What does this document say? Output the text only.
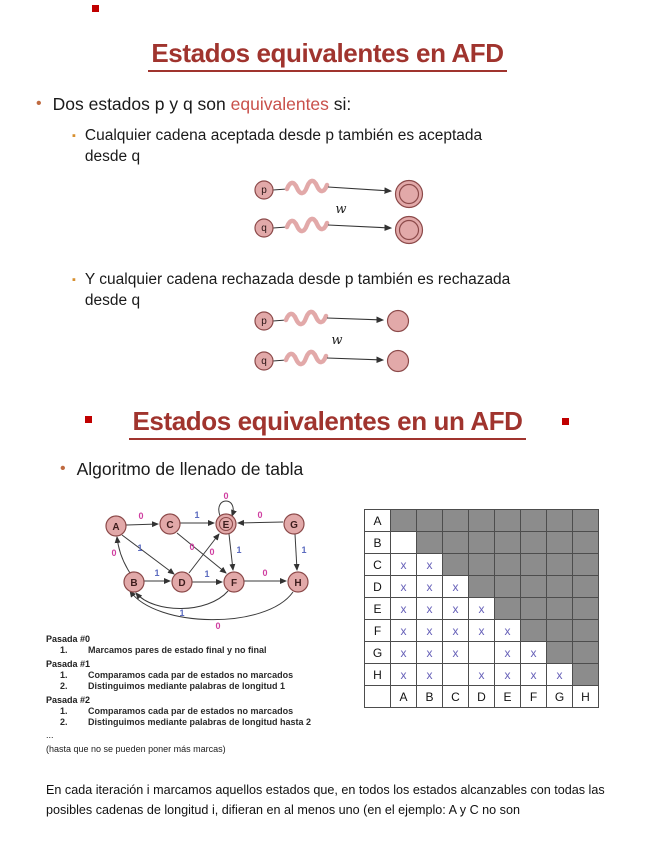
Estados equivalentes en AFD
• Dos estados p y q son equivalentes si:
▪ Cualquier cadena aceptada desde p también es aceptada desde q
p
q
w
▪ Y cualquier cadena rechazada desde p también es rechazada desde q
p
q
w
Estados equivalentes en un AFD
• Algoritmo de llenado de tabla
0
1
0
1
1
0 0
1
0
1
0
1
0
1
0
A	C	E	G
B	D	F	H
A								
B								
C	x	x						
D	x	x	x					
E	x	x	x	x				
F	x	x	x	x	x			
G	x	x	x		x	x		
H	x	x		x	x	x	x	
	A	B	C	D	E	F	G	H
Pasada #0
1.	Marcamos pares de estado final y no final
Pasada #1
1.	Comparamos cada par de estados no marcados
2.	Distinguimos mediante palabras de longitud 1
Pasada #2
1.	Comparamos cada par de estados no marcados
2.	Distinguimos mediante palabras de longitud hasta 2
...
(hasta que no se pueden poner más marcas)

En cada iteración i marcamos aquellos estados que, en todos los estados alcanzables con todas las posibles cadenas de longitud i, difieran en al menos uno (en el ejemplo: A y C no son
